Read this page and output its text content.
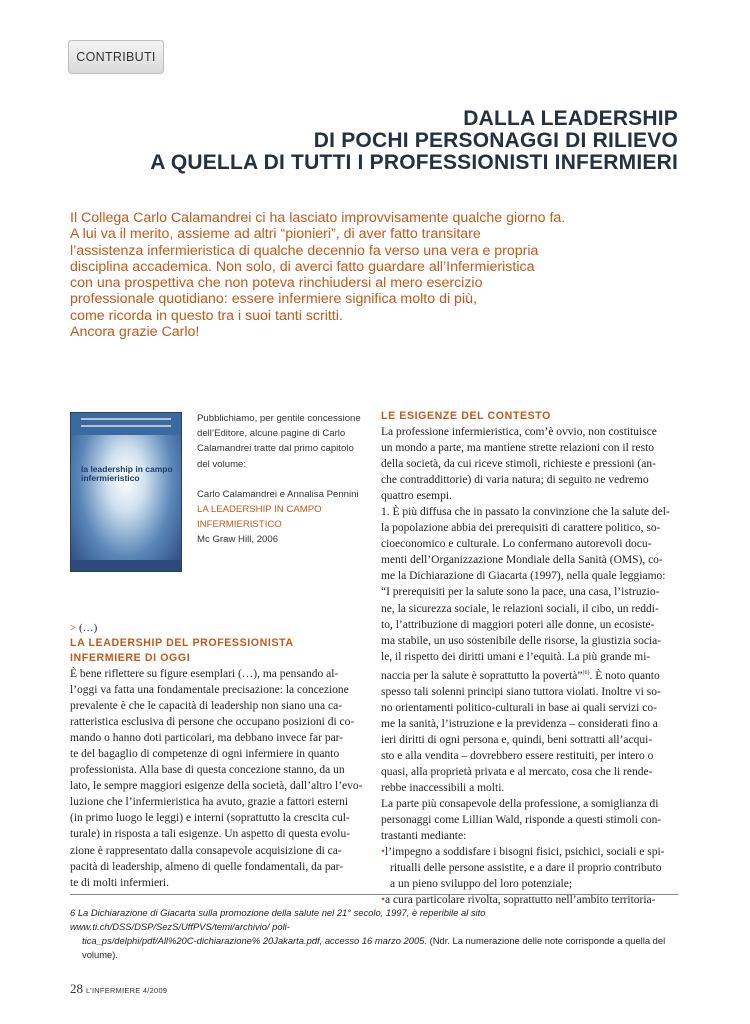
CONTRIBUTI
DALLA LEADERSHIP
DI POCHI PERSONAGGI DI RILIEVO
A QUELLA DI TUTTI I PROFESSIONISTI INFERMIERI
Il Collega Carlo Calamandrei ci ha lasciato improvvisamente qualche giorno fa.
A lui va il merito, assieme ad altri “pionieri”, di aver fatto transitare
l’assistenza infermieristica di qualche decennio fa verso una vera e propria
disciplina accademica. Non solo, di averci fatto guardare all’Infermieristica
con una prospettiva che non poteva rinchiudersi al mero esercizio
professionale quotidiano: essere infermiere significa molto di più,
come ricorda in questo tra i suoi tanti scritti.
Ancora grazie Carlo!
la leadership in campo infermieristico
Pubblichiamo, per gentile concessione
dell’Editore, alcune pagine di Carlo
Calamandrei tratte dal primo capitolo
del volume:
Carlo Calamandrei e Annalisa Pennini
LA LEADERSHIP IN CAMPO
INFERMIERISTICO
Mc Graw Hill, 2006
> (…)
LA LEADERSHIP DEL PROFESSIONISTA
INFERMIERE DI OGGI

È bene riflettere su figure esemplari (…), ma pensando al-

l’oggi va fatta una fondamentale precisazione: la concezione

prevalente è che le capacità di leadership non siano una ca-

ratteristica esclusiva di persone che occupano posizioni di co-

mando o hanno doti particolari, ma debbano invece far par-

te del bagaglio di competenze di ogni infermiere in quanto

professionista. Alla base di questa concezione stanno, da un

lato, le sempre maggiori esigenze della società, dall’altro l’evo-

luzione che l’infermieristica ha avuto, grazie a fattori esterni

(in primo luogo le leggi) e interni (soprattutto la crescita cul-

turale) in risposta a tali esigenze. Un aspetto di questa evolu-

zione è rappresentato dalla consapevole acquisizione di ca-

pacità di leadership, almeno di quelle fondamentali, da par-

te di molti infermieri.

LE ESIGENZE DEL CONTESTO

La professione infermieristica, com’è ovvio, non costituisce

un mondo a parte, ma mantiene strette relazioni con il resto

della società, da cui riceve stimoli, richieste e pressioni (an-

che contraddittorie) di varia natura; di seguito ne vedremo

quattro esempi.

1. È più diffusa che in passato la convinzione che la salute del-

la popolazione abbia dei prerequisiti di carattere politico, so-

cioeconomico e culturale. Lo confermano autorevoli docu-

menti dell’Organizzazione Mondiale della Sanità (OMS), co-

me la Dichiarazione di Giacarta (1997), nella quale leggiamo:

“I prerequisiti per la salute sono la pace, una casa, l’istruzio-

ne, la sicurezza sociale, le relazioni sociali, il cibo, un reddi-

to, l’attribuzione di maggiori poteri alle donne, un ecosiste-

ma stabile, un uso sostenibile delle risorse, la giustizia socia-

le, il rispetto dei diritti umani e l’equità. La più grande mi-

naccia per la salute è soprattutto la povertà”$^{(6)}$. È noto quanto

spesso tali solenni principi siano tuttora violati. Inoltre vi so-

no orientamenti politico-culturali in base ai quali servizi co-

me la sanità, l’istruzione e la previdenza – considerati fino a

ieri diritti di ogni persona e, quindi, beni sottratti all’acqui-

sto e alla vendita – dovrebbero essere restituiti, per intero o

quasi, alla proprietà privata e al mercato, cosa che li rende-

rebbe inaccessibili a molti.

La parte più consapevole della professione, a somiglianza di

personaggi come Lillian Wald, risponde a questi stimoli con-

trastanti mediante:

•l’impegno a soddisfare i bisogni fisici, psichici, sociali e spi-

ritualli delle persone assistite, e a dare il proprio contributo

a un pieno sviluppo del loro potenziale;

•a cura particolare rivolta, soprattutto nell’ambito territoria-

6 La Dichiarazione di Giacarta sulla promozione della salute nel 21° secolo, 1997, è reperibile al sito www.ti.ch/DSS/DSP/SezS/UffPVS/temi/archivio/ poli-
tica_ps/delphi/pdf/All%20C-dichiarazione% 20Jakarta.pdf, accesso 16 marzo 2005. (Ndr. La numerazione delle note corrisponde a quella del volume).
28 L’INFERMIERE 4/2009
